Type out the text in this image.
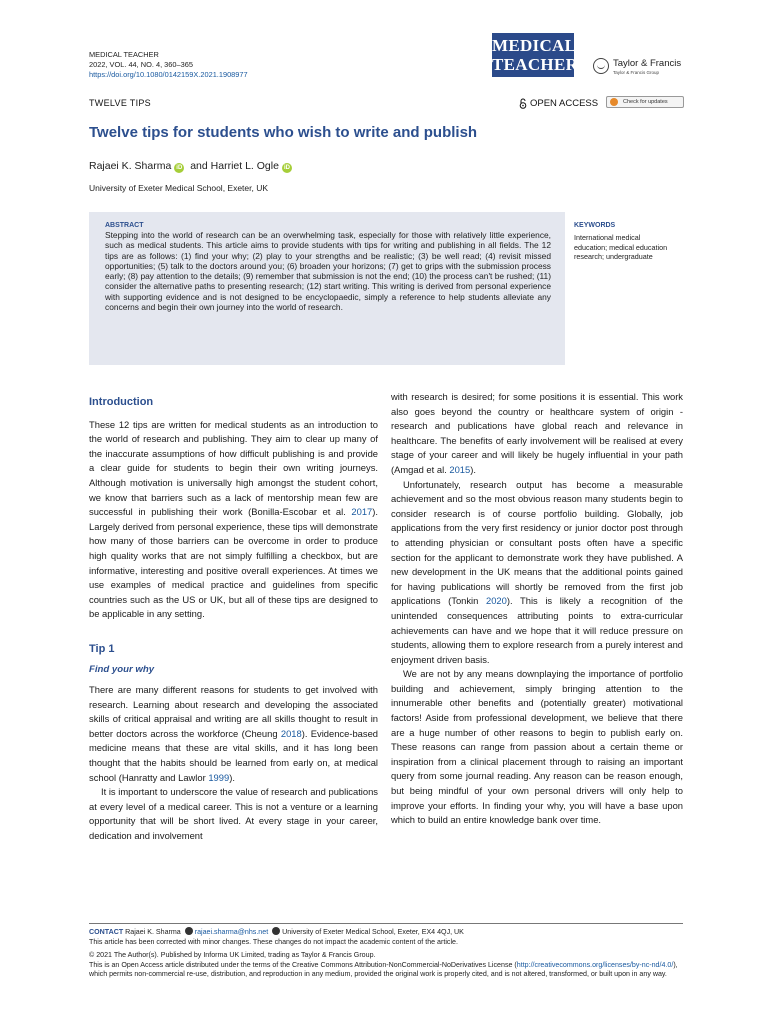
MEDICAL TEACHER
2022, VOL. 44, NO. 4, 360–365
https://doi.org/10.1080/0142159X.2021.1908977
MEDICAL
TEACHER	Taylor & Francis
Taylor & Francis Group
TWELVE TIPS	OPEN ACCESS	Check for updates
Twelve tips for students who wish to write and publish
Rajaei K. Sharma iD and Harriet L. Ogle iD
University of Exeter Medical School, Exeter, UK
ABSTRACT
Stepping into the world of research can be an overwhelming task, especially for those with relatively little experience, such as medical students. This article aims to provide students with tips for writing and publishing in all fields. The 12 tips are as follows: (1) find your why; (2) play to your strengths and be realistic; (3) be well read; (4) revisit missed opportunities; (5) talk to the doctors around you; (6) broaden your horizons; (7) get to grips with the submission process early; (8) pay attention to the details; (9) remember that submission is not the end; (10) the process can't be rushed; (11) consider the alternative paths to presenting research; (12) start writing. This writing is derived from personal experience with supporting evidence and is not designed to be encyclopaedic, simply a reference to help students alleviate any concerns and begin their own journey into the world of research.
KEYWORDS
International medical education; medical education research; undergraduate
Introduction

These 12 tips are written for medical students as an introduction to the world of research and publishing. They aim to clear up many of the inaccurate assumptions of how difficult publishing is and provide a clear guide for students to begin their own writing journeys. Although motivation is universally high amongst the student cohort, we know that barriers such as a lack of mentorship mean few are successful in publishing their work (Bonilla-Escobar et al. 2017). Largely derived from personal experience, these tips will demonstrate how many of those barriers can be overcome in order to produce high quality works that are not simply fulfilling a checkbox, but are informative, interesting and positive overall experiences. At times we use examples of medical practice and guidelines from specific countries such as the US or UK, but all of these tips are designed to be applicable in any setting.

Tip 1
Find your why

There are many different reasons for students to get involved with research. Learning about research and developing the associated skills of critical appraisal and writing are all skills thought to result in better doctors across the workforce (Cheung 2018). Evidence-based medicine means that these are vital skills, and it has long been thought that the habits should be learned from early on, at medical school (Hanratty and Lawlor 1999).

It is important to underscore the value of research and publications at every level of a medical career. This is not a venture or a learning opportunity that will be short lived. At every stage in your career, dedication and involvement

with research is desired; for some positions it is essential. This work also goes beyond the country or healthcare system of origin - research and publications have global reach and relevance in healthcare. The benefits of early involvement will be realised at every stage of your career and will likely be hugely influential in your path (Amgad et al. 2015).

Unfortunately, research output has become a measurable achievement and so the most obvious reason many students begin to consider research is of course portfolio building. Globally, job applications from the very first residency or junior doctor post through to attending physician or consultant posts often have a specific section for the applicant to demonstrate work they have published. A new development in the UK means that the additional points gained for having publications will shortly be removed from the first job applications (Tonkin 2020). This is likely a recognition of the unintended consequences attributing points to extra-curricular achievements can have and we hope that it will reduce pressure on students, allowing them to explore research from a purely interest and enjoyment driven basis.

We are not by any means downplaying the importance of portfolio building and achievement, simply bringing attention to the innumerable other benefits and (potentially greater) motivational factors! Aside from professional development, we believe that there are a huge number of other reasons to begin to publish early on. These reasons can range from passion about a certain theme or inspiration from a clinical placement through to raising an important query from some journal reading. Any reason can be reason enough, but being mindful of your own personal drivers will only help to improve your efforts. In finding your why, you will have a base upon which to build an entire knowledge bank over time.

CONTACT Rajaei K. Sharma rajaei.sharma@nhs.net University of Exeter Medical School, Exeter, EX4 4QJ, UK
This article has been corrected with minor changes. These changes do not impact the academic content of the article.
© 2021 The Author(s). Published by Informa UK Limited, trading as Taylor & Francis Group.
This is an Open Access article distributed under the terms of the Creative Commons Attribution-NonCommercial-NoDerivatives License (http://creativecommons.org/licenses/by-nc-nd/4.0/), which permits non-commercial re-use, distribution, and reproduction in any medium, provided the original work is properly cited, and is not altered, transformed, or built upon in any way.
